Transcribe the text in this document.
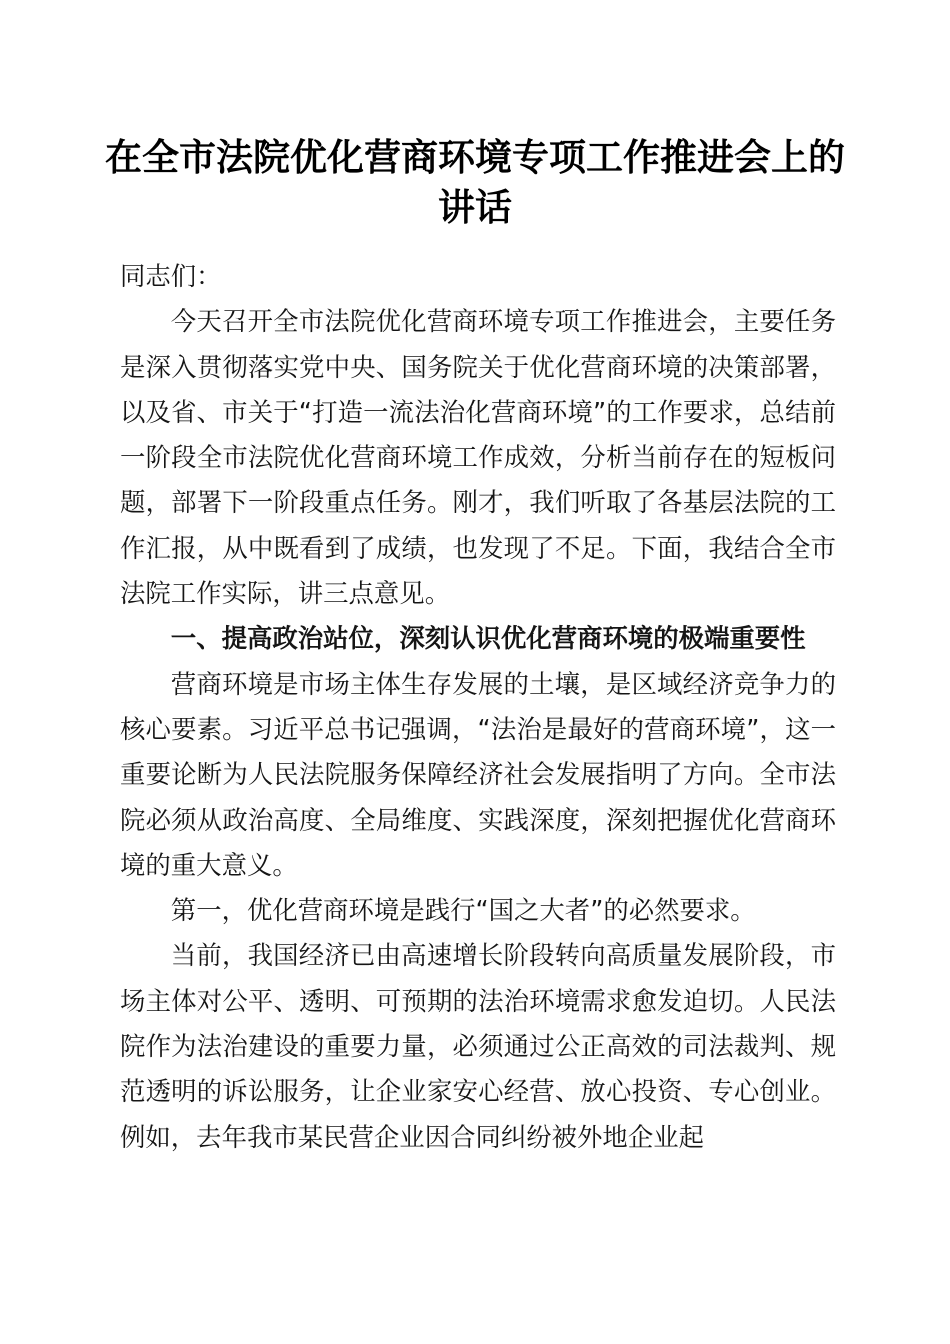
在全市法院优化营商环境专项工作推进会上的
讲话

同志们：

今天召开全市法院优化营商环境专项工作推进会，主要任务是深入贯彻落实党中央、国务院关于优化营商环境的决策部署，以及省、市关于“打造一流法治化营商环境”的工作要求，总结前一阶段全市法院优化营商环境工作成效，分析当前存在的短板问题，部署下一阶段重点任务。刚才，我们听取了各基层法院的工作汇报，从中既看到了成绩，也发现了不足。下面，我结合全市法院工作实际，讲三点意见。

一、提高政治站位，深刻认识优化营商环境的极端重要性

营商环境是市场主体生存发展的土壤，是区域经济竞争力的核心要素。习近平总书记强调，“法治是最好的营商环境”，这一重要论断为人民法院服务保障经济社会发展指明了方向。全市法院必须从政治高度、全局维度、实践深度，深刻把握优化营商环境的重大意义。

第一，优化营商环境是践行“国之大者”的必然要求。

当前，我国经济已由高速增长阶段转向高质量发展阶段，市场主体对公平、透明、可预期的法治环境需求愈发迫切。人民法院作为法治建设的重要力量，必须通过公正高效的司法裁判、规范透明的诉讼服务，让企业家安心经营、放心投资、专心创业。例如，去年我市某民营企业因合同纠纷被外地企业起
